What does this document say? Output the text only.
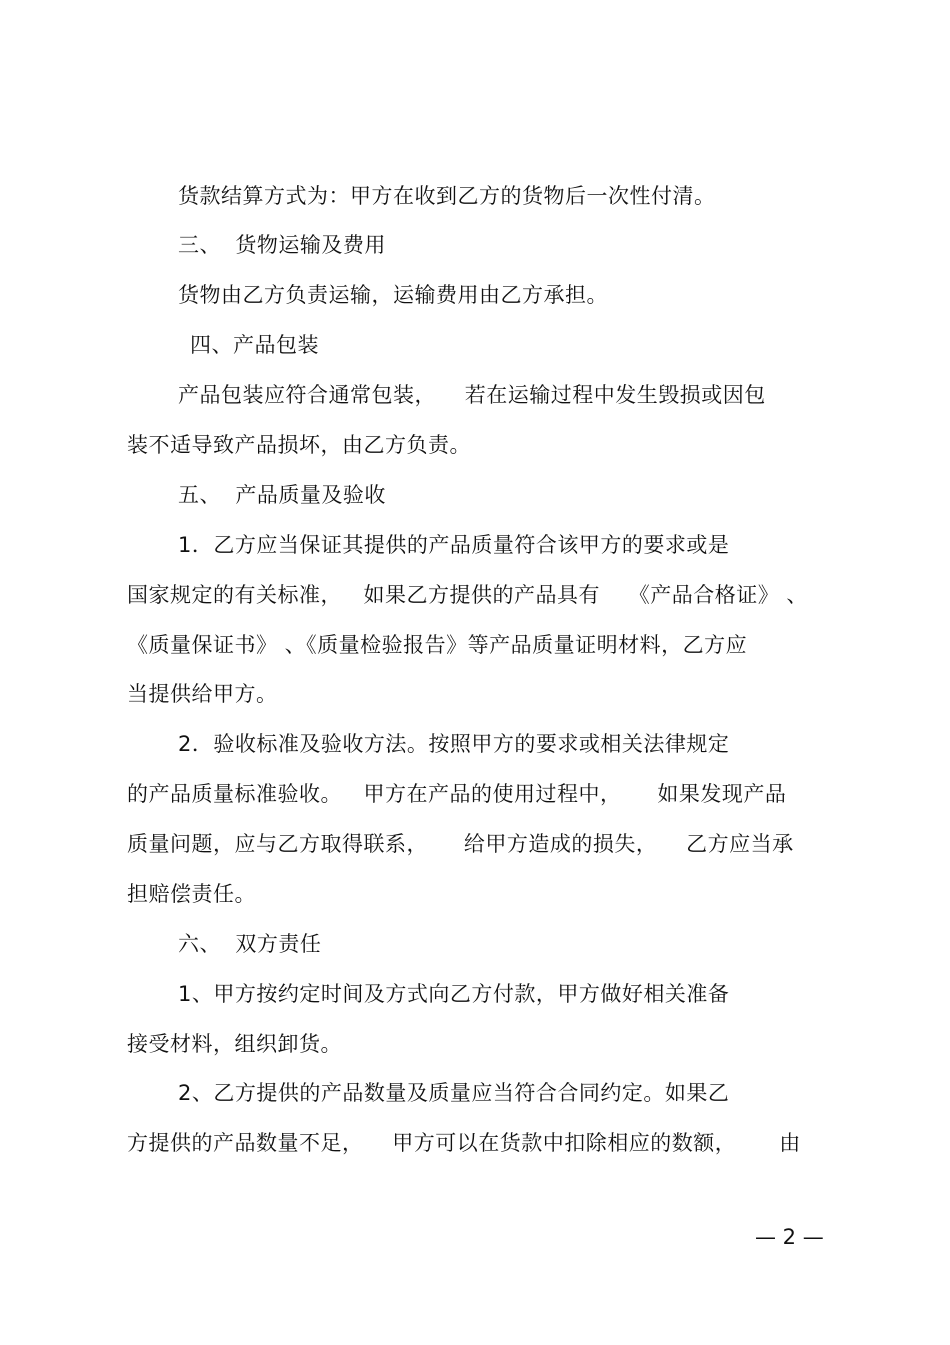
货款结算方式为：甲方在收到乙方的货物后一次性付清。
三、  货物运输及费用
货物由乙方负责运输，运输费用由乙方承担。
四、产品包装
产品包装应符合通常包装，    若在运输过程中发生毁损或因包
装不适导致产品损坏，由乙方负责。
五、  产品质量及验收
1．乙方应当保证其提供的产品质量符合该甲方的要求或是
国家规定的有关标准，   如果乙方提供的产品具有    《产品合格证》 、
《质量保证书》 、《质量检验报告》等产品质量证明材料，乙方应
当提供给甲方。
2．验收标准及验收方法。按照甲方的要求或相关法律规定
的产品质量标准验收。   甲方在产品的使用过程中，     如果发现产品
质量问题，应与乙方取得联系，     给甲方造成的损失，    乙方应当承
担赔偿责任。
六、  双方责任
1、甲方按约定时间及方式向乙方付款，甲方做好相关准备
接受材料，组织卸货。
2、乙方提供的产品数量及质量应当符合合同约定。如果乙
方提供的产品数量不足，    甲方可以在货款中扣除相应的数额，      由
— 2 —
